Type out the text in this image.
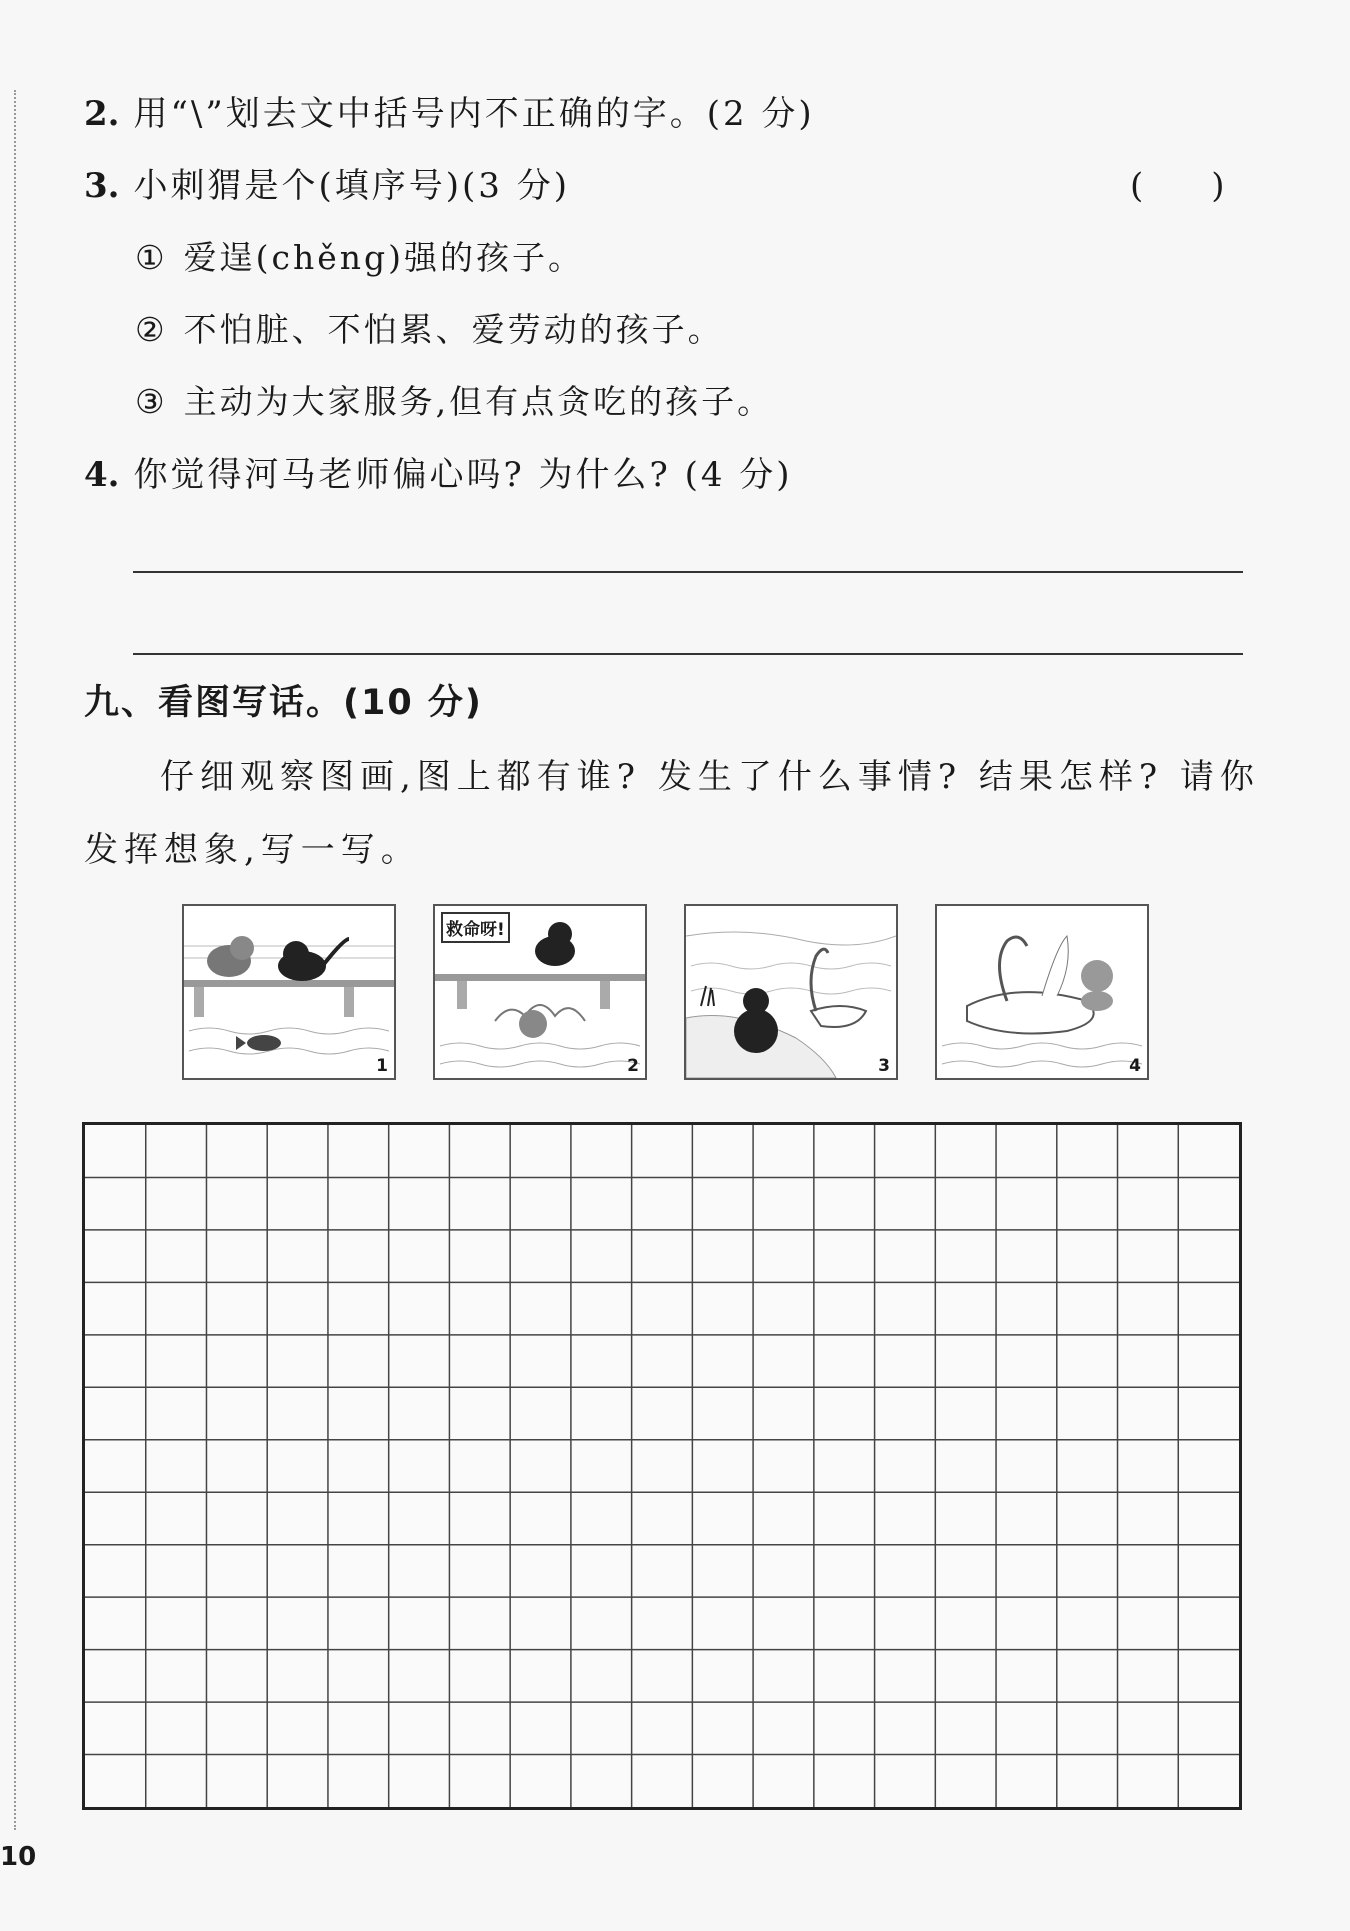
2. 用“\”划去文中括号内不正确的字。(2 分)
3. 小刺猬是个(填序号)(3 分)	(　　)
① 爱逞(chěng)强的孩子。
② 不怕脏、不怕累、爱劳动的孩子。
③ 主动为大家服务,但有点贪吃的孩子。
4. 你觉得河马老师偏心吗? 为什么? (4 分)
九、看图写话。(10 分)
仔细观察图画,图上都有谁? 发生了什么事情? 结果怎样? 请你
发挥想象,写一写。
1
救命呀!
2	3	4
10
